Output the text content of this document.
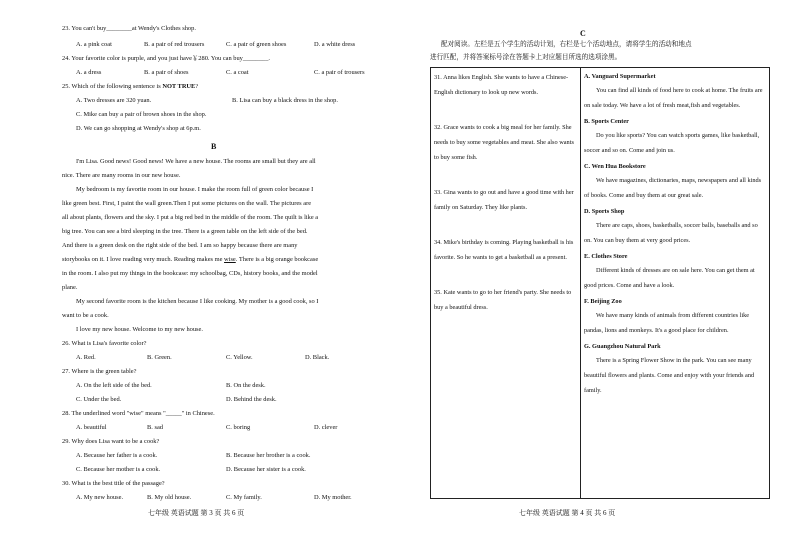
23. You can't buy________at Wendy's Clothes shop.
A. a pink coat	B. a pair of red trousers	C. a pair of green shoes	D. a white dress
24. Your favorite color is purple, and you just have￥280. You can buy________.
A. a dress	B. a pair of shoes	C. a coat	C. a pair of trousers
25. Which of the following sentence is NOT TRUE?
A. Two dresses are 320 yuan.	B. Lisa can buy a black dress in the shop.
C. Mike can buy a pair of brown shoes in the shop.
D. We can go shopping at Wendy's shop at 6p.m.
B
I'm Lisa. Good news! Good news! We have a new house. The rooms are small but they are all
nice. There are many rooms in our new house.
My bedroom is my favorite room in our house. I make the room full of green color because I
like green best. First, I paint the wall green.Then I put some pictures on the wall. The pictures are
all about plants, flowers and the sky. I put a big red bed in the middle of the room. The quilt is like a
big tree. You can see a bird sleeping in the tree. There is a green table on the left side of the bed.
And there is a green desk on the right side of the bed. I am so happy because there are many
storybooks on it. I love reading very much. Reading makes me wise. There is a big orange bookcase
in the room. I also put my things in the bookcase: my schoolbag, CDs, history books, and the model
plane.
My second favorite room is the kitchen because I like cooking. My mother is a good cook, so I
want to be a cook.
I love my new house. Welcome to my new house.
26. What is Lisa's favorite color?
A. Red.	B. Green.	C. Yellow.	D. Black.
27. Where is the green table?
A. On the left side of the bed.	B. On the desk.
C. Under the bed.	D. Behind the desk.
28. The underlined word "wise" means "_____" in Chinese.
A. beautiful	B. sad	C. boring	D. clever
29. Why does Lisa want to be a cook?
A. Because her father is a cook.	B. Because her brother is a cook.
C. Because her mother is a cook.	D. Because her sister is a cook.
30. What is the best title of the passage?
A. My new house.	B. My old house.	C. My family.	D. My mother.
七年级 英语试题 第 3 页 共 6 页
C
配对阅读。左栏是五个学生的活动计划，右栏是七个活动地点，请将学生的活动和地点
进行匹配，并将答案标号涂在答题卡上对应题目所选的选项涂黑。
31. Anna likes English. She wants to have a Chinese-English dictionary to look up new words.
32. Grace wants to cook a big meal for her family. She needs to buy some vegetables and meat. She also wants to buy some fish.
33. Gina wants to go out and have a good time with her family on Saturday. They like plants.
34. Mike's birthday is coming. Playing basketball is his favorite. So he wants to get a basketball as a present.
35. Kate wants to go to her friend's party. She needs to buy a beautiful dress.

A. Vanguard Supermarket
You can find all kinds of food here to cook at home. The fruits are on sale today. We have a lot of fresh meat,fish and vegetables.
B. Sports Center
Do you like sports? You can watch sports games, like basketball, soccer and so on. Come and join us.
C. Wen Hua Bookstore
We have magazines, dictionaries, maps, newspapers and all kinds of books. Come and buy them at our great sale.
D. Sports Shop
There are caps, shoes, basketballs, soccer balls, baseballs and so on. You can buy them at very good prices.
E. Clothes Store
Different kinds of dresses are on sale here. You can get them at good prices. Come and have a look.
F. Beijing Zoo
We have many kinds of animals from different countries like pandas, lions and monkeys. It's a good place for children.
G. Guangzhou Natural Park
There is a Spring Flower Show in the park. You can see many beautiful flowers and plants. Come and enjoy with your friends and family.
七年级 英语试题 第 4 页 共 6 页
